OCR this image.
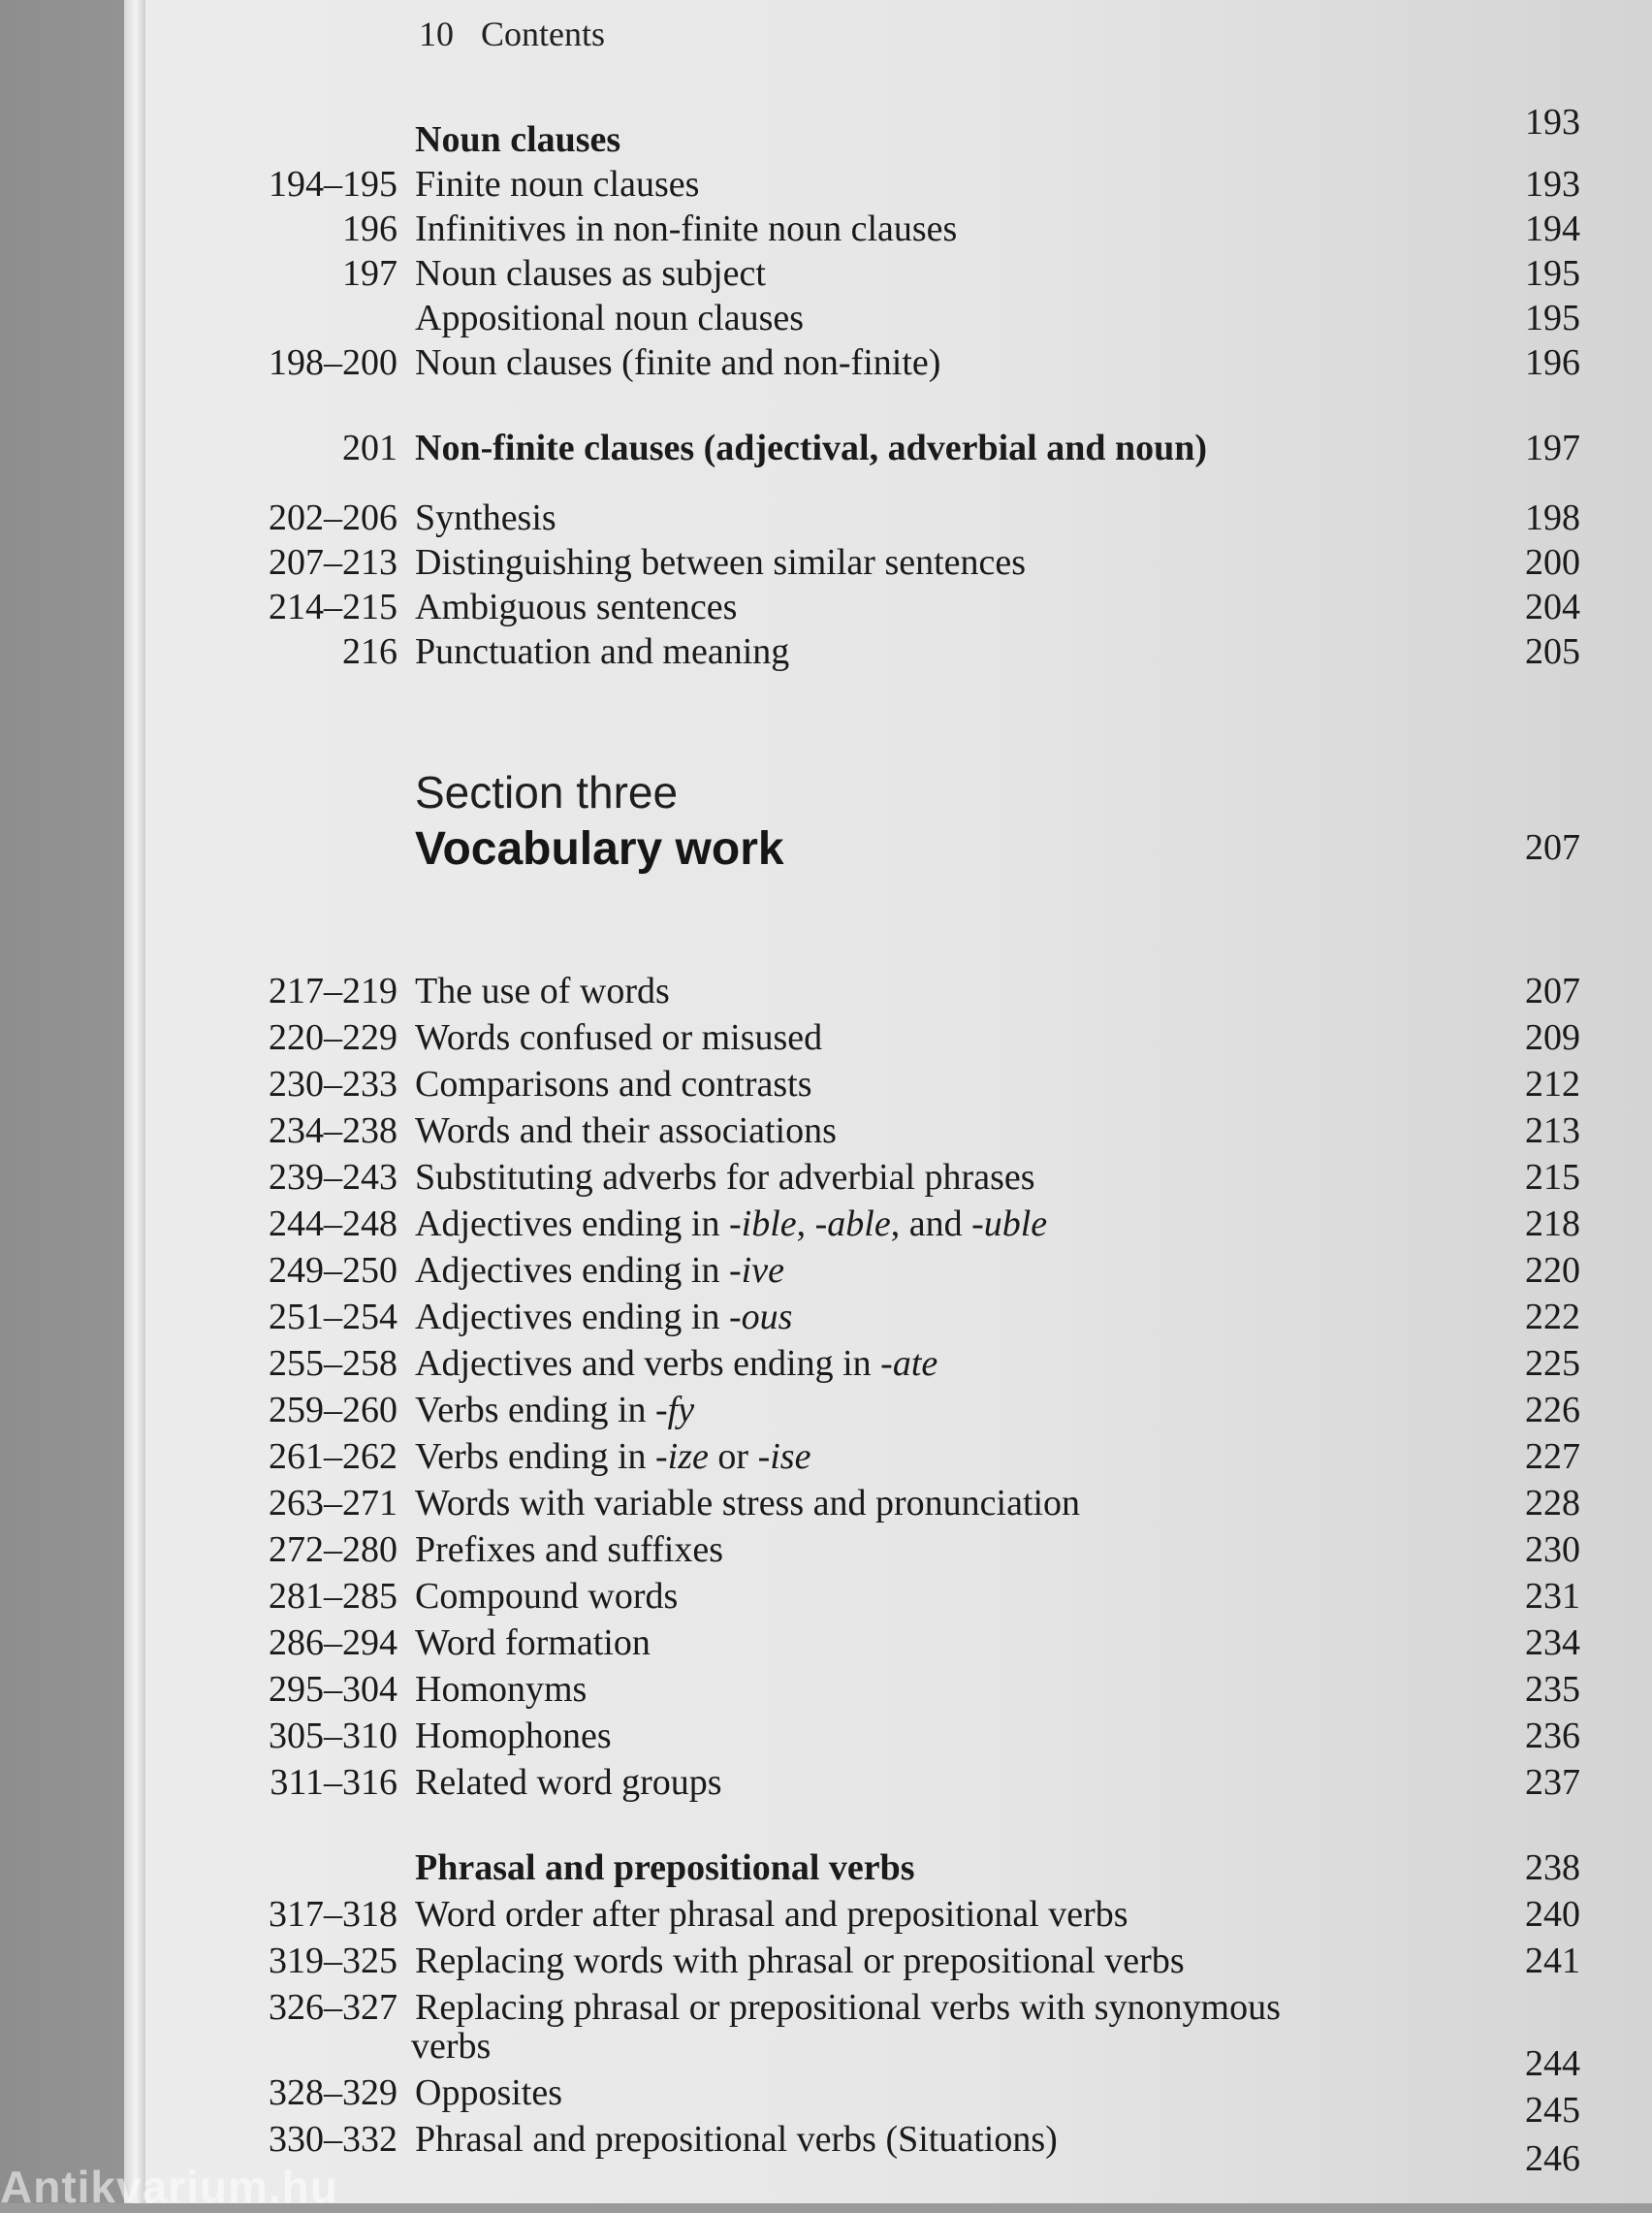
10 Contents
Noun clauses	193
194–195 Finite noun clauses	193
196 Infinitives in non-finite noun clauses	194
197 Noun clauses as subject	195
Appositional noun clauses	195
198–200 Noun clauses (finite and non-finite)	196
201 Non-finite clauses (adjectival, adverbial and noun)	197
202–206 Synthesis	198
207–213 Distinguishing between similar sentences	200
214–215 Ambiguous sentences	204
216 Punctuation and meaning	205
Section three
Vocabulary work	207
217–219 The use of words	207
220–229 Words confused or misused	209
230–233 Comparisons and contrasts	212
234–238 Words and their associations	213
239–243 Substituting adverbs for adverbial phrases	215
244–248 Adjectives ending in -ible, -able, and -uble	218
249–250 Adjectives ending in -ive	220
251–254 Adjectives ending in -ous	222
255–258 Adjectives and verbs ending in -ate	225
259–260 Verbs ending in -fy	226
261–262 Verbs ending in -ize or -ise	227
263–271 Words with variable stress and pronunciation	228
272–280 Prefixes and suffixes	230
281–285 Compound words	231
286–294 Word formation	234
295–304 Homonyms	235
305–310 Homophones	236
311–316 Related word groups	237
Phrasal and prepositional verbs	238
317–318 Word order after phrasal and prepositional verbs	240
319–325 Replacing words with phrasal or prepositional verbs	241
326–327 Replacing phrasal or prepositional verbs with synonymous
verbs	244
328–329 Opposites	245
330–332 Phrasal and prepositional verbs (Situations)	246
Antikvarium.hu
